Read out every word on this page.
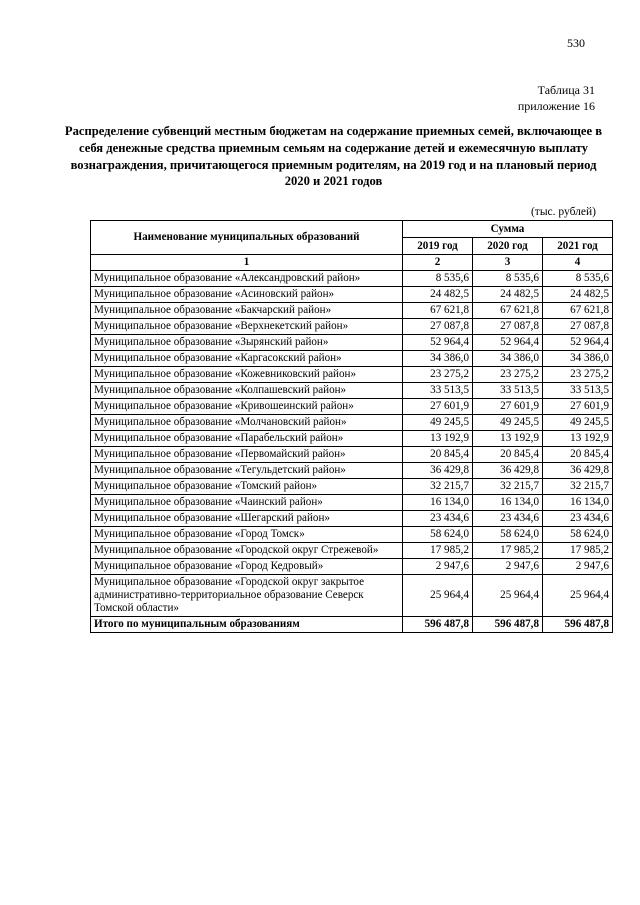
530
Таблица 31
приложение 16
Распределение субвенций местным бюджетам на содержание приемных семей, включающее в себя денежные средства приемным семьям на содержание детей и ежемесячную выплату вознаграждения, причитающегося приемным родителям, на 2019 год и на плановый период 2020 и 2021 годов
(тыс. рублей)
Наименование муниципальных образований	Сумма		
	2019 год	2020 год	2021 год
1	2	3	4
Муниципальное образование «Александровский район»	8 535,6	8 535,6	8 535,6
Муниципальное образование «Асиновский район»	24 482,5	24 482,5	24 482,5
Муниципальное образование «Бакчарский район»	67 621,8	67 621,8	67 621,8
Муниципальное образование «Верхнекетский район»	27 087,8	27 087,8	27 087,8
Муниципальное образование «Зырянский район»	52 964,4	52 964,4	52 964,4
Муниципальное образование «Каргасокский район»	34 386,0	34 386,0	34 386,0
Муниципальное образование «Кожевниковский район»	23 275,2	23 275,2	23 275,2
Муниципальное образование «Колпашевский район»	33 513,5	33 513,5	33 513,5
Муниципальное образование «Кривошеинский район»	27 601,9	27 601,9	27 601,9
Муниципальное образование «Молчановский район»	49 245,5	49 245,5	49 245,5
Муниципальное образование «Парабельский район»	13 192,9	13 192,9	13 192,9
Муниципальное образование «Первомайский район»	20 845,4	20 845,4	20 845,4
Муниципальное образование «Тегульдетский район»	36 429,8	36 429,8	36 429,8
Муниципальное образование «Томский район»	32 215,7	32 215,7	32 215,7
Муниципальное образование «Чаинский район»	16 134,0	16 134,0	16 134,0
Муниципальное образование «Шегарский район»	23 434,6	23 434,6	23 434,6
Муниципальное образование «Город Томск»	58 624,0	58 624,0	58 624,0
Муниципальное образование «Городской округ Стрежевой»	17 985,2	17 985,2	17 985,2
Муниципальное образование «Город Кедровый»	2 947,6	2 947,6	2 947,6
Муниципальное образование «Городской округ закрытое административно-территориальное образование Северск Томской области»	25 964,4	25 964,4	25 964,4
Итого по муниципальным образованиям	596 487,8	596 487,8	596 487,8
